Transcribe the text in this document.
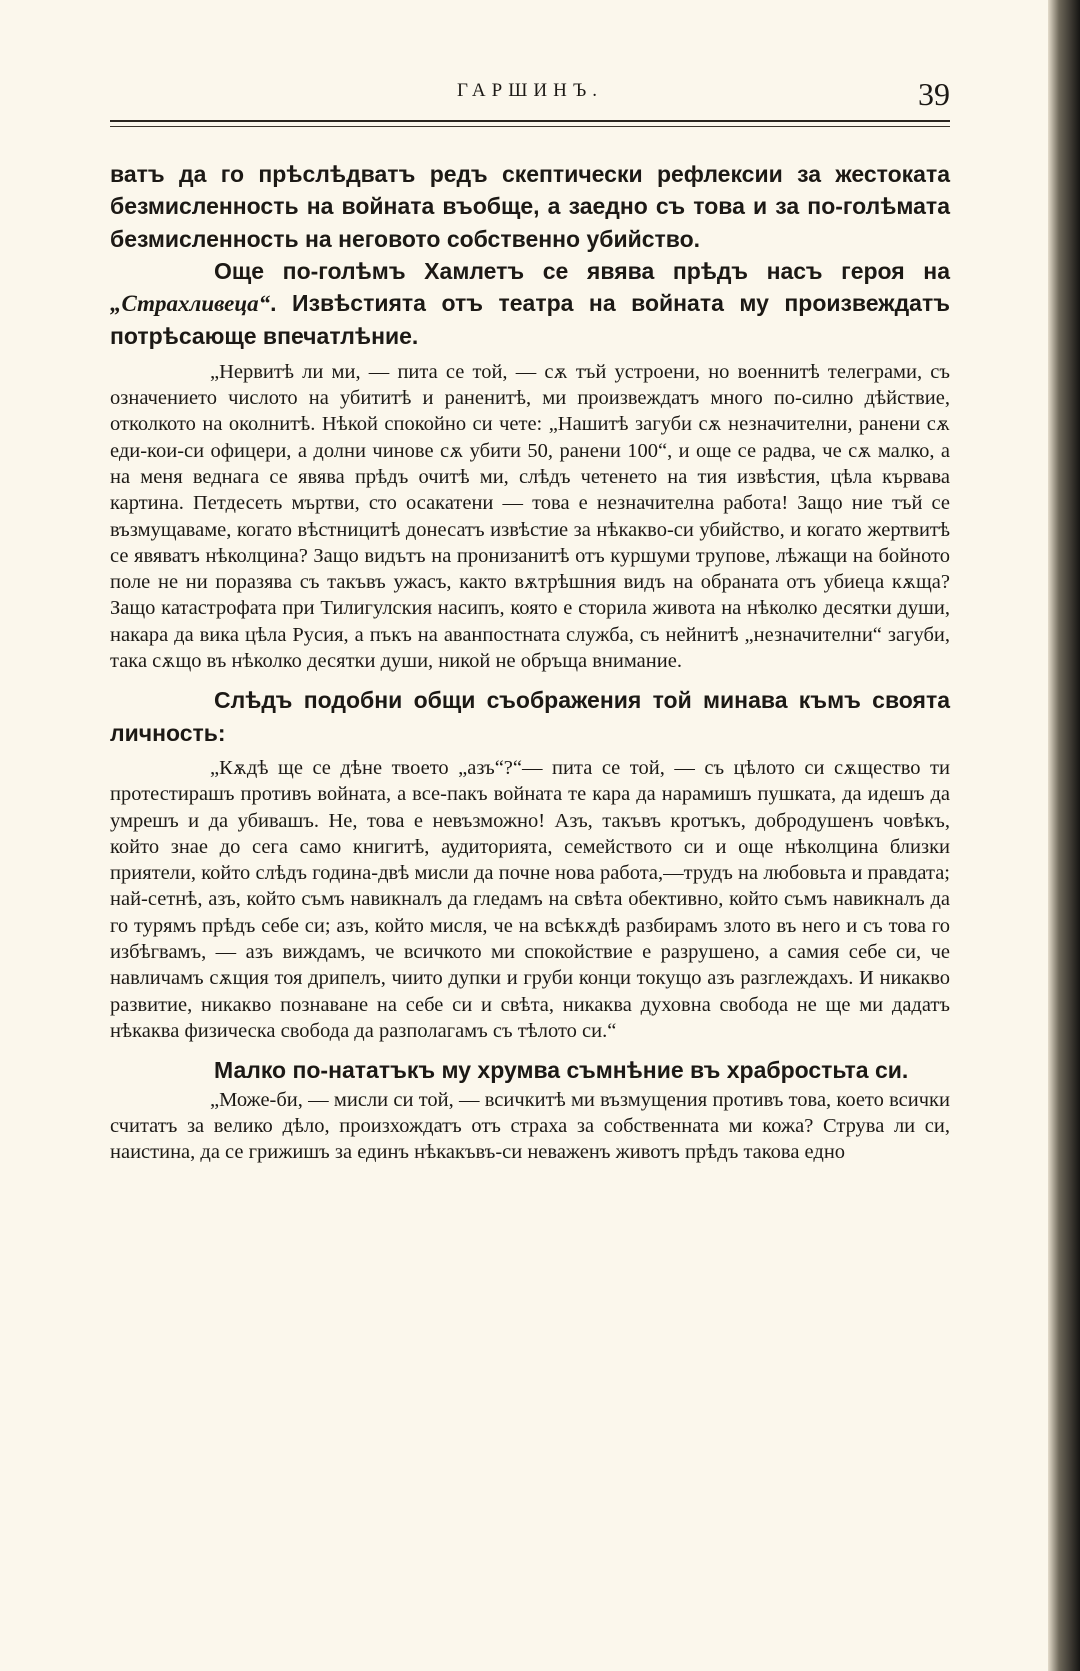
ГАРШИНЪ.	39
ватъ да го прѣслѣдватъ редъ скептически рефлексии за жестоката безмисленность на войната въобще, а заедно съ това и за по-голѣмата безмисленность на неговото собственно убийство.
Още по-голѣмъ Хамлетъ се явява прѣдъ насъ героя на „Страхливеца“. Извѣстията отъ театра на войната му произвеждатъ потрѣсающе впечатлѣние.
„Нервитѣ ли ми, — пита се той, — сѫ тъй устроени, но военнитѣ телеграми, съ означението числото на убититѣ и раненитѣ, ми произвеждатъ много по-силно дѣйствие, отколкото на околнитѣ. Нѣкой спокойно си чете: „Нашитѣ загуби сѫ незначителни, ранени сѫ еди-кои-си офицери, а долни чинове сѫ убити 50, ранени 100“, и още се радва, че сѫ малко, а на меня веднага се явява прѣдъ очитѣ ми, слѣдъ четенето на тия извѣстия, цѣла кървава картина. Петдесеть мъртви, сто осакатени — това е незначителна работа! Защо ние тъй се възмущаваме, когато вѣстницитѣ донесатъ извѣстие за нѣкакво-си убийство, и когато жертвитѣ се явяватъ нѣколцина? Защо видътъ на пронизанитѣ отъ куршуми трупове, лѣжащи на бойното поле не ни поразява съ такъвъ ужасъ, както вѫтрѣшния видъ на обраната отъ убиеца кѫща? Защо катастрофата при Тилигулския насипъ, която е сторила живота на нѣколко десятки души, накара да вика цѣла Русия, а пъкъ на аванпостната служба, съ нейнитѣ „незначителни“ загуби, така сѫщо въ нѣколко десятки души, никой не обръща внимание.
Слѣдъ подобни общи съображения той минава къмъ своята личность:
„Кѫдѣ ще се дѣне твоето „азъ“?“— пита се той, — съ цѣлото си сѫщество ти протестирашъ противъ войната, а все-пакъ войната те кара да нарамишъ пушката, да идешъ да умрешъ и да убивашъ. Не, това е невъзможно! Азъ, такъвъ кротъкъ, добродушенъ човѣкъ, който знае до сега само книгитѣ, аудиторията, семейството си и още нѣколцина близки приятели, който слѣдъ година-двѣ мисли да почне нова работа,—трудъ на любовьта и правдата; най-сетнѣ, азъ, който съмъ навикналъ да гледамъ на свѣта обективно, който съмъ навикналъ да го турямъ прѣдъ себе си; азъ, който мисля, че на всѣкѫдѣ разбирамъ злото въ него и съ това го избѣгвамъ, — азъ виждамъ, че всичкото ми спокойствие е разрушено, а самия себе си, че навличамъ сѫщия тоя дрипелъ, чиито дупки и груби конци токущо азъ разглеждахъ. И никакво развитие, никакво познаване на себе си и свѣта, никаква духовна свобода не ще ми дадатъ нѣкаква физическа свобода да разполагамъ съ тѣлото си.“
Малко по-нататъкъ му хрумва съмнѣние въ храбростьта си.
„Може-би, — мисли си той, — всичкитѣ ми възмущения противъ това, което всички считатъ за велико дѣло, произхождатъ отъ страха за собственната ми кожа? Струва ли си, наистина, да се грижишъ за единъ нѣкакъвъ-си неваженъ животъ прѣдъ такова едно
